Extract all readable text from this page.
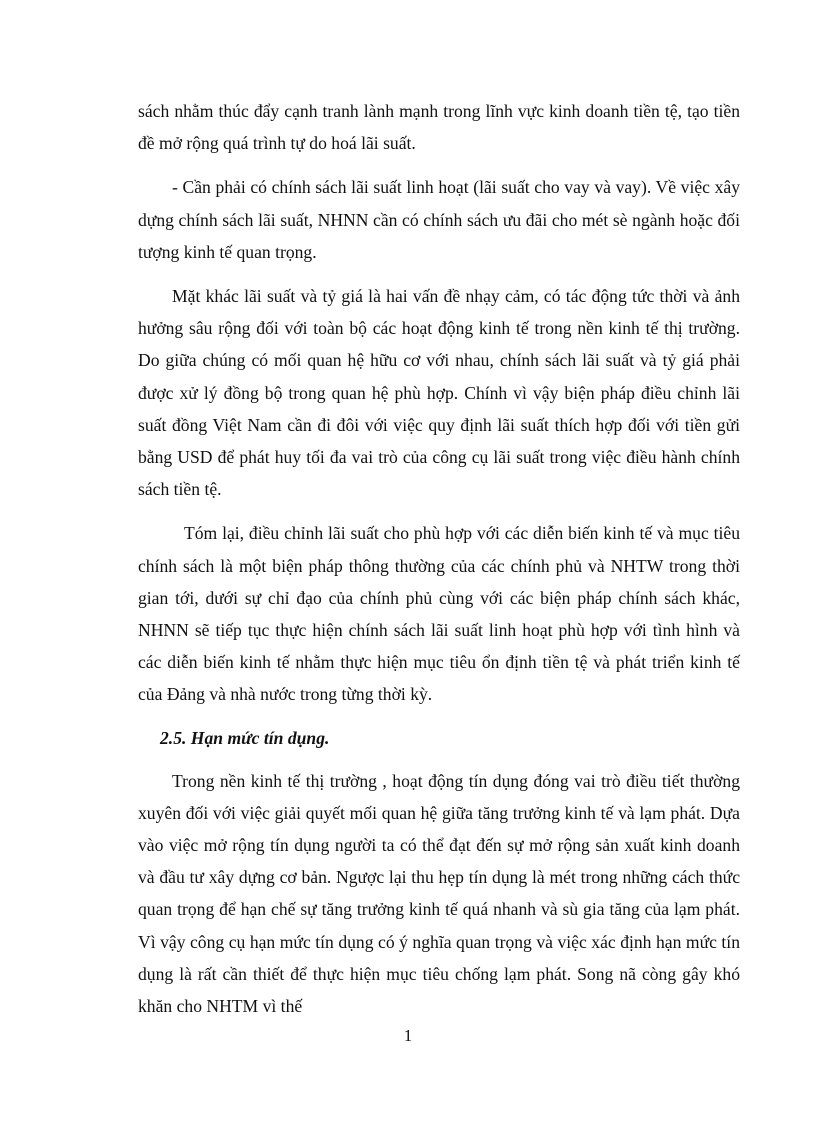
sách nhằm thúc đẩy cạnh tranh lành mạnh trong lĩnh vực kinh doanh tiền tệ, tạo tiền đề mở rộng quá trình tự do hoá lãi suất.

- Cần phải có chính sách lãi suất linh hoạt (lãi suất cho vay và vay). Về việc xây dựng chính sách lãi suất, NHNN cần có chính sách ưu đãi cho mét sè ngành hoặc đối tượng kinh tế quan trọng.

Mặt khác lãi suất và tỷ giá là hai vấn đề nhạy cảm, có tác động tức thời và ảnh hưởng sâu rộng đối với toàn bộ các hoạt động kinh tế trong nền kinh tế thị trường. Do giữa chúng có mối quan hệ hữu cơ với nhau, chính sách lãi suất và tỷ giá phải được xử lý đồng bộ trong quan hệ phù hợp. Chính vì vậy biện pháp điều chỉnh lãi suất đồng Việt Nam cần đi đôi với việc quy định lãi suất thích hợp đối với tiền gửi bằng USD để phát huy tối đa vai trò của công cụ lãi suất trong việc điều hành chính sách tiền tệ.

Tóm lại, điều chỉnh lãi suất cho phù hợp với các diễn biến kinh tế và mục tiêu chính sách là một biện pháp thông thường của các chính phủ và NHTW trong thời gian tới, dưới sự chỉ đạo của chính phủ cùng với các biện pháp chính sách khác, NHNN sẽ tiếp tục thực hiện chính sách lãi suất linh hoạt phù hợp với tình hình và các diễn biến kinh tế nhằm thực hiện mục tiêu ổn định tiền tệ và phát triển kinh tế của Đảng và nhà nước trong từng thời kỳ.

2.5. Hạn mức tín dụng.

Trong nền kinh tế thị trường , hoạt động tín dụng đóng vai trò điều tiết thường xuyên đối với việc giải quyết mối quan hệ giữa tăng trưởng kinh tế và lạm phát. Dựa vào việc mở rộng tín dụng người ta có thể đạt đến sự mở rộng sản xuất kinh doanh và đầu tư xây dựng cơ bản. Ngược lại thu hẹp tín dụng là mét trong những cách thức quan trọng để hạn chế sự tăng trưởng kinh tế quá nhanh và sù gia tăng của lạm phát. Vì vậy công cụ hạn mức tín dụng có ý nghĩa quan trọng và việc xác định hạn mức tín dụng là rất cần thiết để thực hiện mục tiêu chống lạm phát. Song nã còng gây khó khăn cho NHTM vì thế

1
